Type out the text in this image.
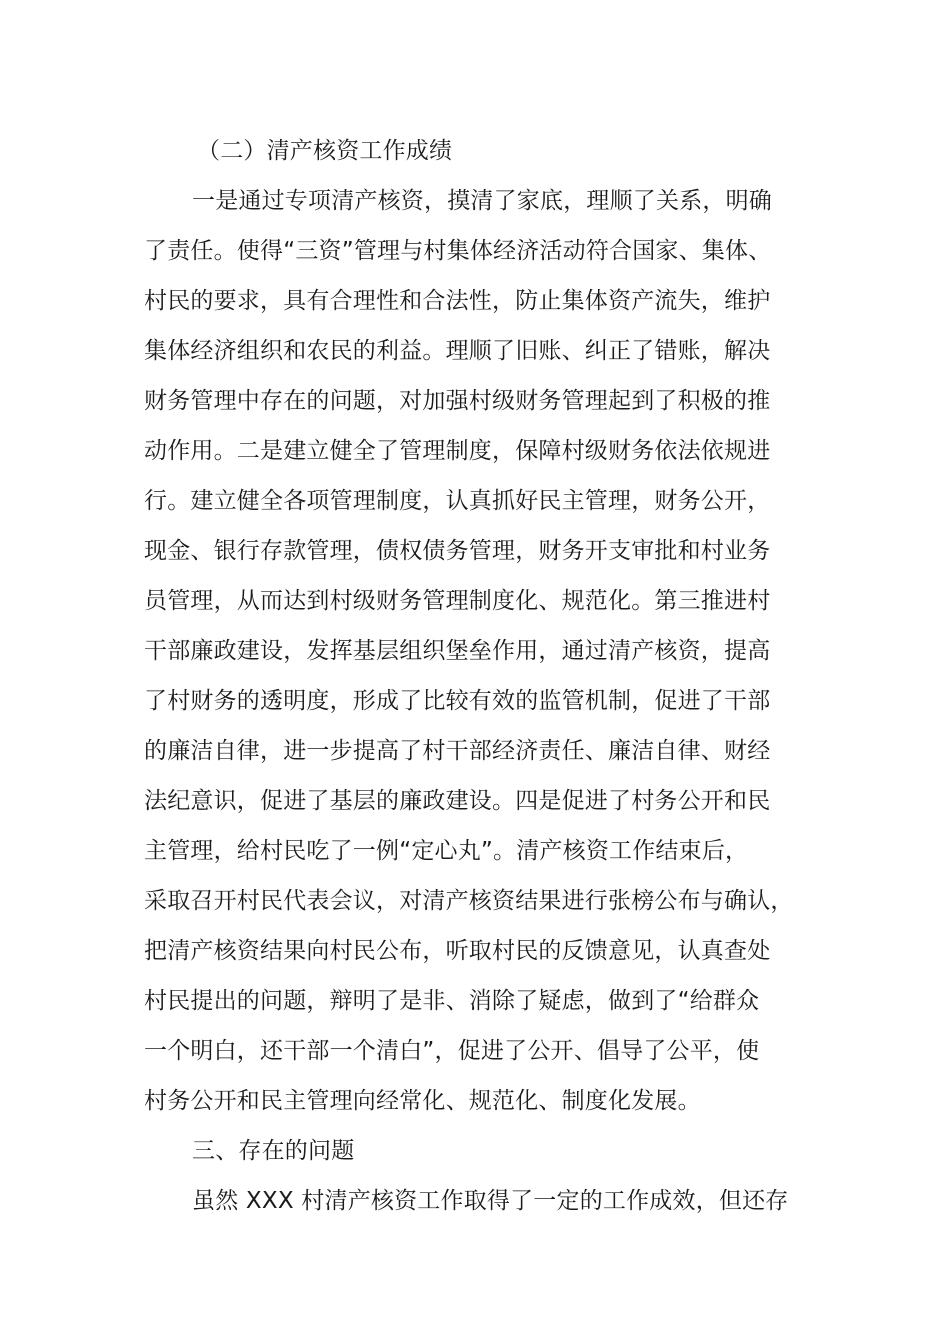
（二）清产核资工作成绩
一是通过专项清产核资，摸清了家底，理顺了关系，明确
了责任。使得“三资”管理与村集体经济活动符合国家、集体、
村民的要求，具有合理性和合法性，防止集体资产流失，维护
集体经济组织和农民的利益。理顺了旧账、纠正了错账，解决
财务管理中存在的问题，对加强村级财务管理起到了积极的推
动作用。二是建立健全了管理制度，保障村级财务依法依规进
行。建立健全各项管理制度，认真抓好民主管理，财务公开，
现金、银行存款管理，债权债务管理，财务开支审批和村业务
员管理，从而达到村级财务管理制度化、规范化。第三推进村
干部廉政建设，发挥基层组织堡垒作用，通过清产核资，提高
了村财务的透明度，形成了比较有效的监管机制，促进了干部
的廉洁自律，进一步提高了村干部经济责任、廉洁自律、财经
法纪意识，促进了基层的廉政建设。四是促进了村务公开和民
主管理，给村民吃了一例“定心丸”。清产核资工作结束后，
采取召开村民代表会议，对清产核资结果进行张榜公布与确认，
把清产核资结果向村民公布，听取村民的反馈意见，认真查处
村民提出的问题，辩明了是非、消除了疑虑，做到了“给群众
一个明白，还干部一个清白”，促进了公开、倡导了公平，使
村务公开和民主管理向经常化、规范化、制度化发展。
三、存在的问题
虽然 XXX 村清产核资工作取得了一定的工作成效，但还存
